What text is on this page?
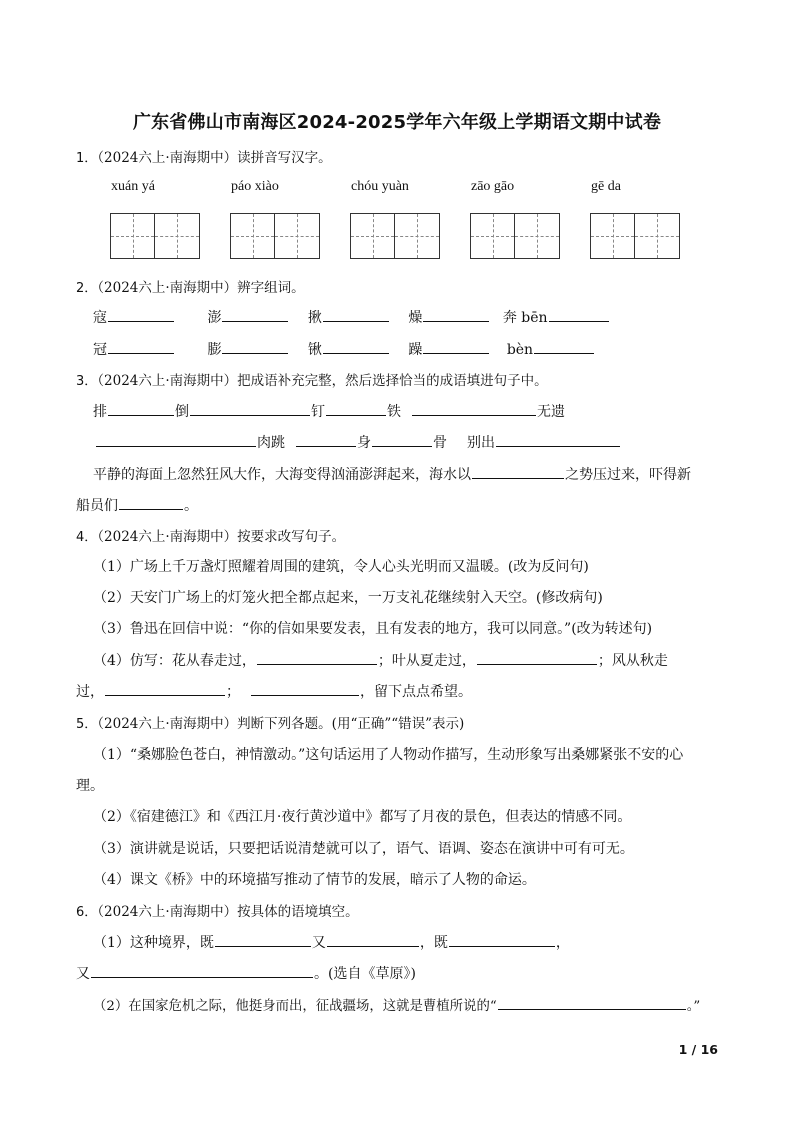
广东省佛山市南海区2024-2025学年六年级上学期语文期中试卷
1．（2024六上·南海期中）读拼音写汉字。
xuán yá	páo xiào	chóu yuàn	zāo gāo	gē da
2．（2024六上·南海期中）辨字组词。
寇	澎	揪	燥	奔 bēn
冠	膨	锹	躁	bèn
3．（2024六上·南海期中）把成语补充完整，然后选择恰当的成语填进句子中。
排	倒	钉	铁	无遗
肉跳	身	骨 别出
平静的海面上忽然狂风大作，大海变得汹涌澎湃起来，海水以	之势压过来，吓得新
船员们	。
4．（2024六上·南海期中）按要求改写句子。
（1）广场上千万盏灯照耀着周围的建筑，令人心头光明而又温暖。(改为反问句)
（2）天安门广场上的灯笼火把全都点起来，一万支礼花继续射入天空。(修改病句)
（3）鲁迅在回信中说：“你的信如果要发表，且有发表的地方，我可以同意。”(改为转述句)
（4）仿写：花从春走过，	；叶从夏走过，	；风从秋走
过，	；	，留下点点希望。
5．（2024六上·南海期中）判断下列各题。(用“正确”“错误”表示)
（1）“桑娜脸色苍白，神情激动。”这句话运用了人物动作描写，生动形象写出桑娜紧张不安的心
理。
（2）《宿建德江》和《西江月·夜行黄沙道中》都写了月夜的景色，但表达的情感不同。
（3）演讲就是说话，只要把话说清楚就可以了，语气、语调、姿态在演讲中可有可无。
（4）课文《桥》中的环境描写推动了情节的发展，暗示了人物的命运。
6．（2024六上·南海期中）按具体的语境填空。
（1）这种境界，既	又	，既	，
又	。(选自《草原》)
（2）在国家危机之际，他挺身而出，征战疆场，这就是曹植所说的“	。”
1 / 16
